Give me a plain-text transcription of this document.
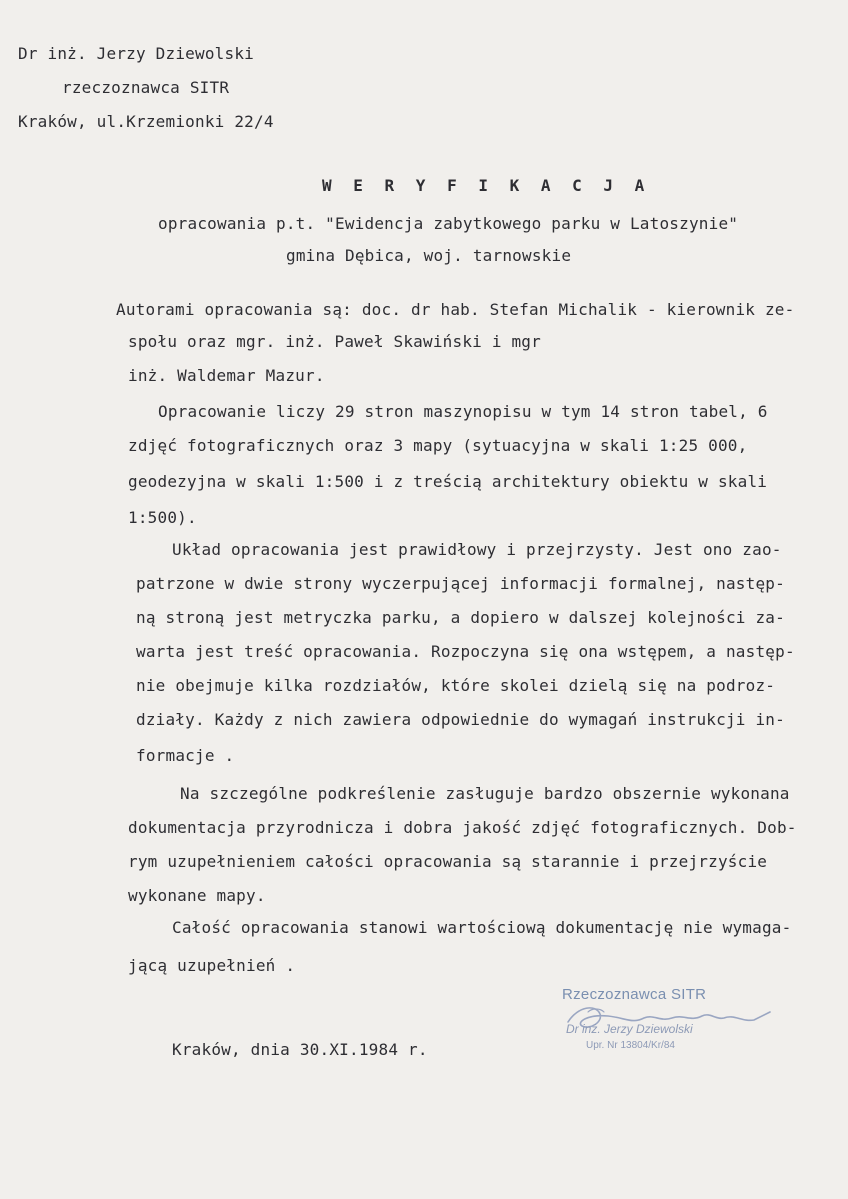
Dr inż. Jerzy Dziewolski
rzeczoznawca SITR
Kraków, ul.Krzemionki 22/4
W E R Y F I K A C J A
opracowania p.t. "Ewidencja zabytkowego parku w Latoszynie"
gmina Dębica, woj. tarnowskie
Autorami opracowania są: doc. dr hab. Stefan Michalik - kierownik ze-
społu oraz mgr. inż. Paweł Skawiński i mgr
inż. Waldemar Mazur.
Opracowanie liczy 29 stron maszynopisu w tym 14 stron tabel, 6
zdjęć fotograficznych oraz 3 mapy (sytuacyjna w skali 1:25 000,
geodezyjna w skali 1:500 i z treścią architektury obiektu w skali
1:500).
Układ opracowania jest prawidłowy i przejrzysty. Jest ono zao-
patrzone w dwie strony wyczerpującej informacji formalnej, następ-
ną stroną jest metryczka parku, a dopiero w dalszej kolejności za-
warta jest treść opracowania. Rozpoczyna się ona wstępem, a następ-
nie obejmuje kilka rozdziałów, które skolei dzielą się na podroz-
działy. Każdy z nich zawiera odpowiednie do wymagań instrukcji in-
formacje .
Na szczególne podkreślenie zasługuje bardzo obszernie wykonana
dokumentacja przyrodnicza i dobra jakość zdjęć fotograficznych. Dob-
rym uzupełnieniem całości opracowania są starannie i przejrzyście
wykonane mapy.
Całość opracowania stanowi wartościową dokumentację nie wymaga-
jącą uzupełnień .
Rzeczoznawca SITR
Dr inż. Jerzy Dziewolski
Upr. Nr 13804/Kr/84
Kraków, dnia 30.XI.1984 r.
